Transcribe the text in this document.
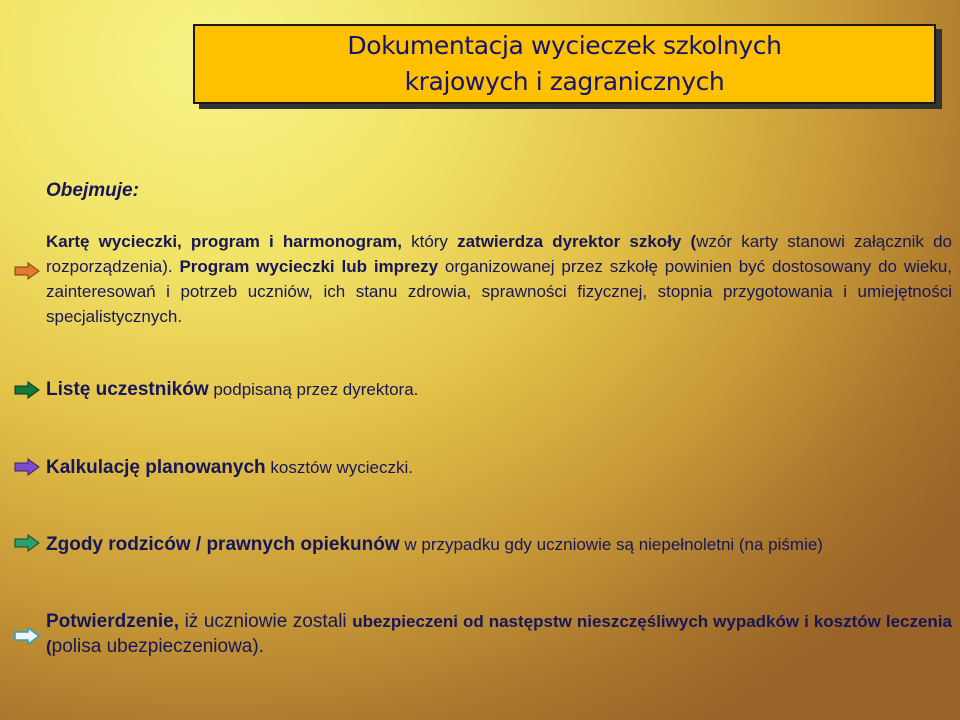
Dokumentacja wycieczek szkolnych
krajowych i zagranicznych
Obejmuje:

Kartę wycieczki, program i harmonogram, który zatwierdza dyrektor szkoły (wzór karty stanowi załącznik do rozporządzenia). Program wycieczki lub imprezy organizowanej przez szkołę powinien być dostosowany do wieku, zainteresowań i potrzeb uczniów, ich stanu zdrowia, sprawności fizycznej, stopnia przygotowania i umiejętności specjalistycznych.

Listę uczestników podpisaną przez dyrektora.

Kalkulację planowanych kosztów wycieczki.

Zgody rodziców / prawnych opiekunów w przypadku gdy uczniowie są niepełnoletni (na piśmie)

Potwierdzenie, iż uczniowie zostali ubezpieczeni od następstw nieszczęśliwych wypadków i kosztów leczenia (polisa ubezpieczeniowa).
